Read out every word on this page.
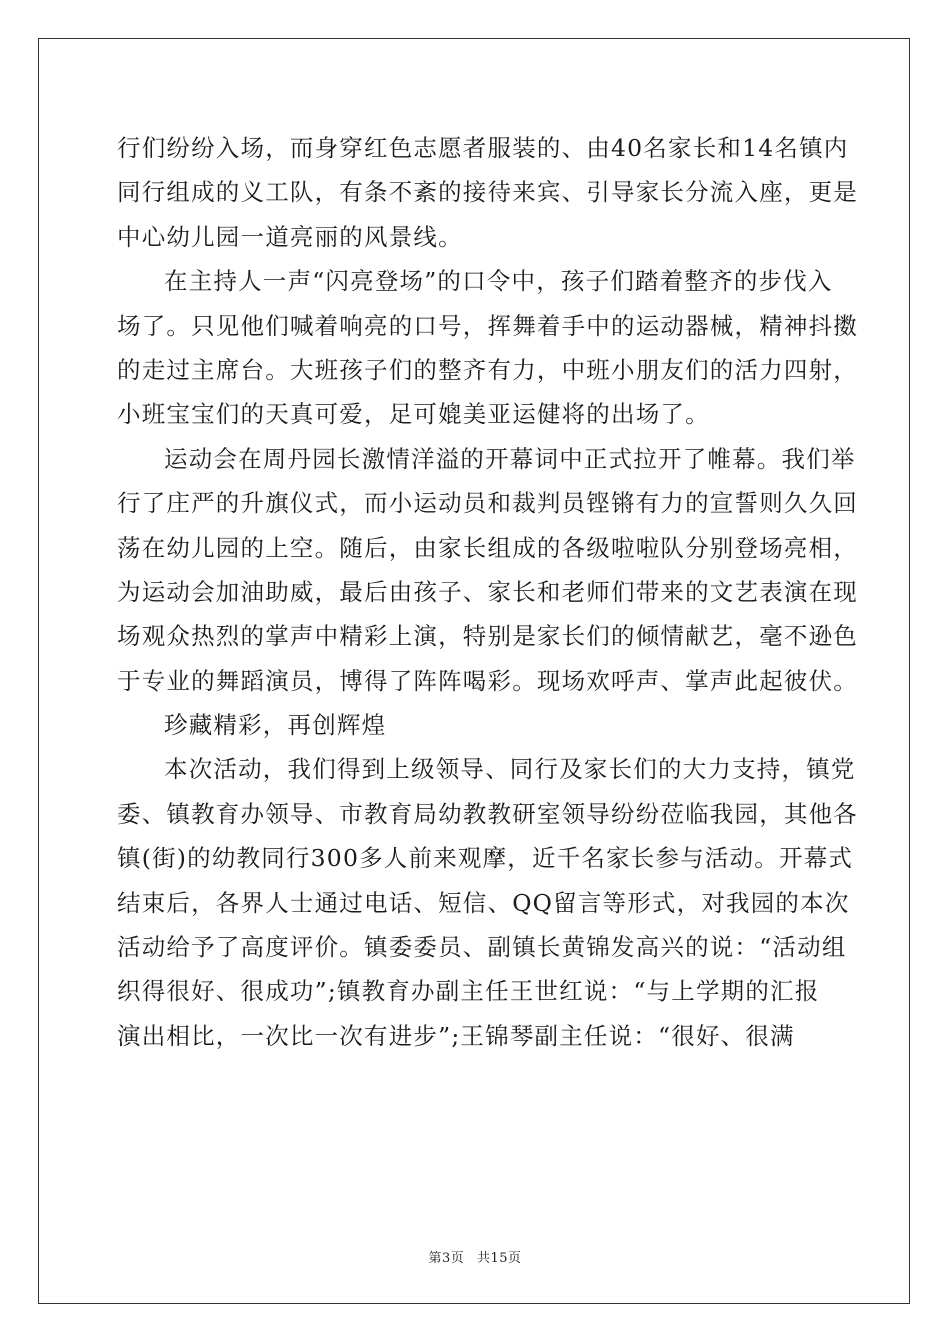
行们纷纷入场，而身穿红色志愿者服装的、由40名家长和14名镇内
同行组成的义工队，有条不紊的接待来宾、引导家长分流入座，更是
中心幼儿园一道亮丽的风景线。
在主持人一声“闪亮登场”的口令中，孩子们踏着整齐的步伐入
场了。只见他们喊着响亮的口号，挥舞着手中的运动器械，精神抖擞
的走过主席台。大班孩子们的整齐有力，中班小朋友们的活力四射，
小班宝宝们的天真可爱，足可媲美亚运健将的出场了。
运动会在周丹园长激情洋溢的开幕词中正式拉开了帷幕。我们举
行了庄严的升旗仪式，而小运动员和裁判员铿锵有力的宣誓则久久回
荡在幼儿园的上空。随后，由家长组成的各级啦啦队分别登场亮相，
为运动会加油助威，最后由孩子、家长和老师们带来的文艺表演在现
场观众热烈的掌声中精彩上演，特别是家长们的倾情献艺，毫不逊色
于专业的舞蹈演员，博得了阵阵喝彩。现场欢呼声、掌声此起彼伏。
珍藏精彩，再创辉煌
本次活动，我们得到上级领导、同行及家长们的大力支持，镇党
委、镇教育办领导、市教育局幼教教研室领导纷纷莅临我园，其他各
镇(街)的幼教同行300多人前来观摩，近千名家长参与活动。开幕式
结束后，各界人士通过电话、短信、QQ留言等形式，对我园的本次
活动给予了高度评价。镇委委员、副镇长黄锦发高兴的说：“活动组
织得很好、很成功”;镇教育办副主任王世红说：“与上学期的汇报
演出相比，一次比一次有进步”;王锦琴副主任说：“很好、很满
第3页 共15页
